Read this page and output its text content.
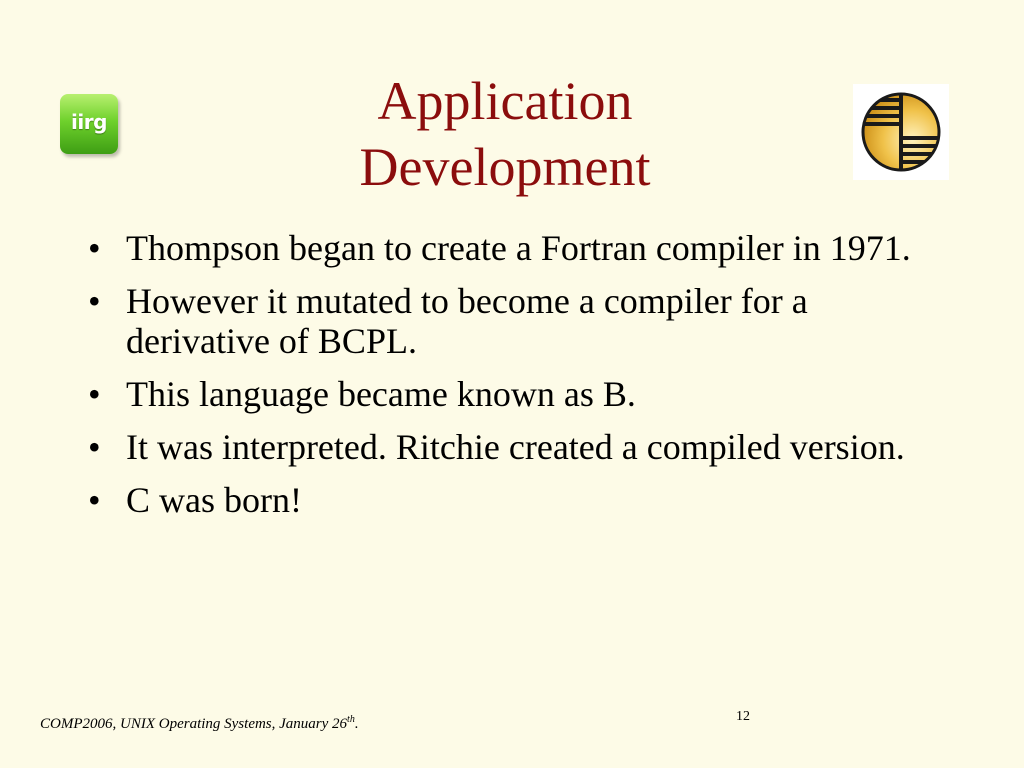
iirg	Application
Development
• Thompson began to create a Fortran compiler in 1971.
• However it mutated to become a compiler for a derivative of BCPL.
• This language became known as B.
• It was interpreted. Ritchie created a compiled version.
• C was born!
COMP2006, UNIX Operating Systems, January 26th.	12
